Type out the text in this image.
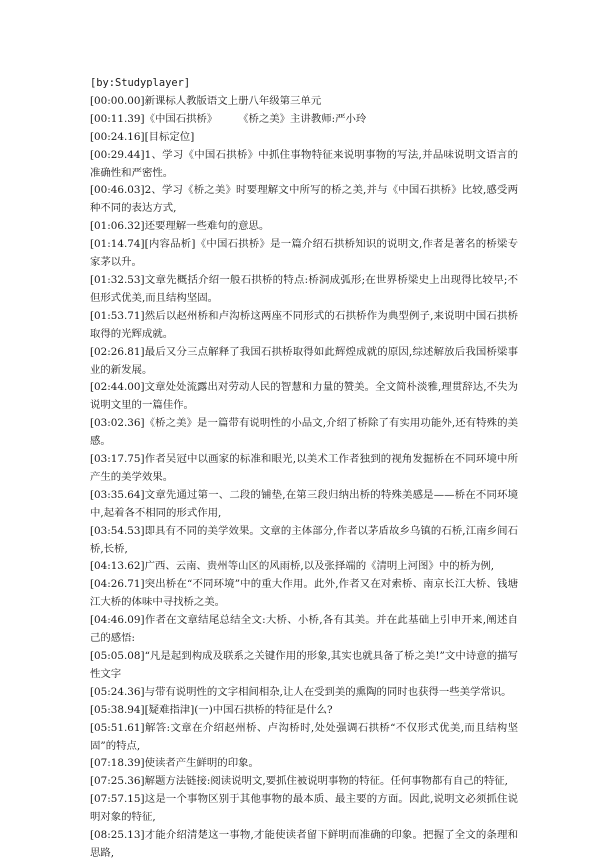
[by:Studyplayer]

[00:00.00]新课标人教版语文上册八年级第三单元

[00:11.39]《中国石拱桥》　　　《桥之美》主讲教师:严小玲

[00:24.16][目标定位]

[00:29.44]1、学习《中国石拱桥》中抓住事物特征来说明事物的写法,并品味说明文语言的准确性和严密性。

[00:46.03]2、学习《桥之美》时要理解文中所写的桥之美,并与《中国石拱桥》比较,感受两种不同的表达方式,

[01:06.32]还要理解一些难句的意思。

[01:14.74][内容品析]《中国石拱桥》是一篇介绍石拱桥知识的说明文,作者是著名的桥梁专家茅以升。

[01:32.53]文章先概括介绍一般石拱桥的特点:桥洞成弧形;在世界桥梁史上出现得比较早;不但形式优美,而且结构坚固。

[01:53.71]然后以赵州桥和卢沟桥这两座不同形式的石拱桥作为典型例子,来说明中国石拱桥取得的光辉成就。

[02:26.81]最后又分三点解释了我国石拱桥取得如此辉煌成就的原因,综述解放后我国桥梁事业的新发展。

[02:44.00]文章处处流露出对劳动人民的智慧和力量的赞美。全文简朴淡雅,理贯辞达,不失为说明文里的一篇佳作。

[03:02.36]《桥之美》是一篇带有说明性的小品文,介绍了桥除了有实用功能外,还有特殊的美感。

[03:17.75]作者吴冠中以画家的标准和眼光,以美术工作者独到的视角发掘桥在不同环境中所产生的美学效果。

[03:35.64]文章先通过第一、二段的铺垫,在第三段归纳出桥的特殊美感是——桥在不同环境中,起着各不相同的形式作用,

[03:54.53]即具有不同的美学效果。文章的主体部分,作者以茅盾故乡乌镇的石桥,江南乡间石桥,长桥,

[04:13.62]广西、云南、贵州等山区的风雨桥,以及张择端的《清明上河图》中的桥为例,

[04:26.71]突出桥在“不同环境”中的重大作用。此外,作者又在对索桥、南京长江大桥、钱塘江大桥的体味中寻找桥之美。

[04:46.09]作者在文章结尾总结全文:大桥、小桥,各有其美。并在此基础上引申开来,阐述自己的感悟:

[05:05.08]“凡是起到构成及联系之关键作用的形象,其实也就具备了桥之美!”文中诗意的描写性文字

[05:24.36]与带有说明性的文字相间相杂,让人在受到美的熏陶的同时也获得一些美学常识。

[05:38.94][疑难指津](一)中国石拱桥的特征是什么?

[05:51.61]解答:文章在介绍赵州桥、卢沟桥时,处处强调石拱桥“不仅形式优美,而且结构坚固”的特点,

[07:18.39]使读者产生鲜明的印象。

[07:25.36]解题方法链接:阅读说明文,要抓住被说明事物的特征。任何事物都有自己的特征,

[07:57.15]这是一个事物区别于其他事物的最本质、最主要的方面。因此,说明文必须抓住说明对象的特征,

[08:25.13]才能介绍清楚这一事物,才能使读者留下鲜明而准确的印象。把握了全文的条理和思路,
